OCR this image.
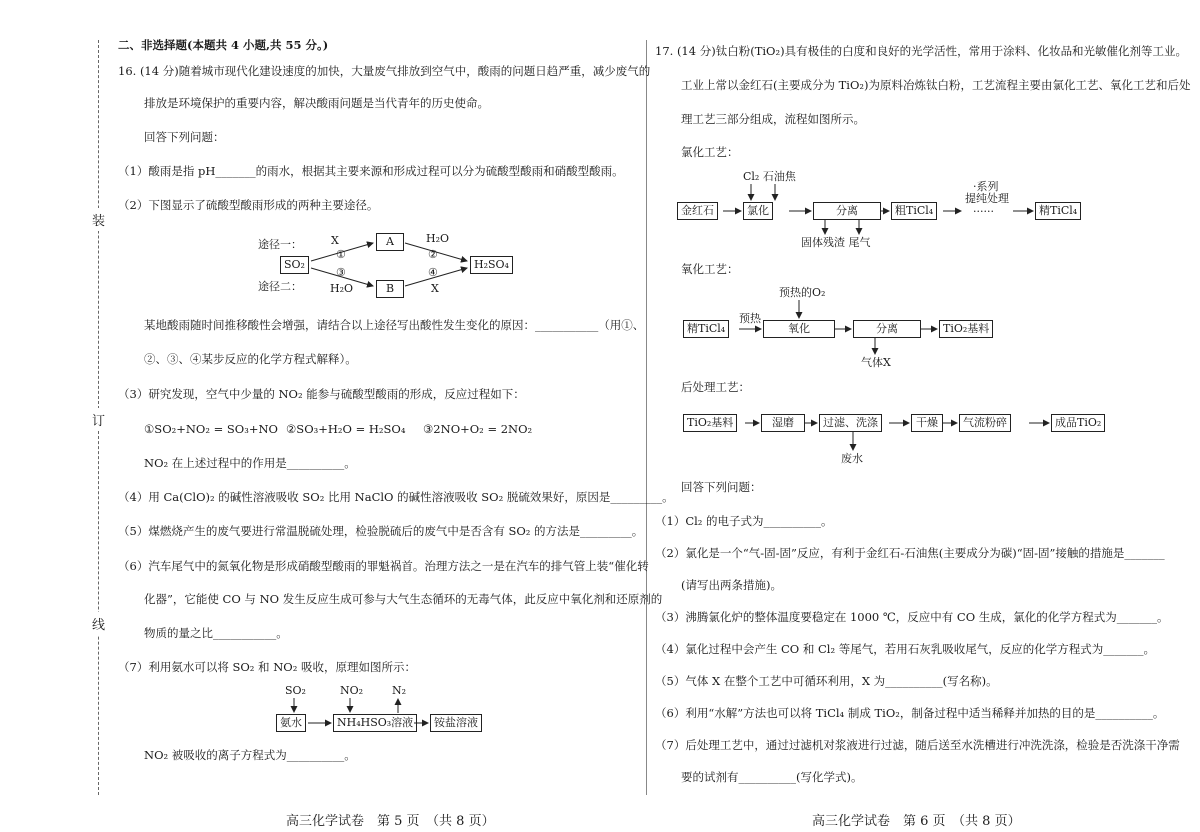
装
订
线
二、非选择题(本题共 4 小题,共 55 分。)
16. (14 分)随着城市现代化建设速度的加快，大量废气排放到空气中，酸雨的问题日趋严重，减少废气的
排放是环境保护的重要内容，解决酸雨问题是当代青年的历史使命。
回答下列问题：
（1）酸雨是指 pH_______的雨水，根据其主要来源和形成过程可以分为硫酸型酸雨和硝酸型酸雨。
（2）下图显示了硫酸型酸雨形成的两种主要途径。
途径一：
途径二：
SO₂
A
B
H₂SO₄
X
①
H₂O
③
H₂O
②
④
X
某地酸雨随时间推移酸性会增强，请结合以上途径写出酸性发生变化的原因：___________（用①、
②、③、④某步反应的化学方程式解释）。
（3）研究发现，空气中少量的 NO₂ 能参与硫酸型酸雨的形成，反应过程如下：
①SO₂+NO₂ = SO₃+NO ②SO₃+H₂O = H₂SO₄ ③2NO+O₂ = 2NO₂
NO₂ 在上述过程中的作用是__________。
（4）用 Ca(ClO)₂ 的碱性溶液吸收 SO₂ 比用 NaClO 的碱性溶液吸收 SO₂ 脱硫效果好，原因是_________。
（5）煤燃烧产生的废气要进行常温脱硫处理，检验脱硫后的废气中是否含有 SO₂ 的方法是_________。
（6）汽车尾气中的氮氧化物是形成硝酸型酸雨的罪魁祸首。治理方法之一是在汽车的排气管上装“催化转
化器”，它能使 CO 与 NO 发生反应生成可参与大气生态循环的无毒气体，此反应中氧化剂和还原剂的
物质的量之比___________。
（7）利用氨水可以将 SO₂ 和 NO₂ 吸收，原理如图所示：
SO₂	NO₂	N₂
氨水	NH₄HSO₃溶液	铵盐溶液
NO₂ 被吸收的离子方程式为__________。
高三化学试卷　第 5 页　（共 8 页）
17. (14 分)钛白粉(TiO₂)具有极佳的白度和良好的光学活性，常用于涂料、化妆品和光敏催化剂等工业。
工业上常以金红石(主要成分为 TiO₂)为原料冶炼钛白粉，工艺流程主要由氯化工艺、氧化工艺和后处
理工艺三部分组成，流程如图所示。
氯化工艺：
Cl₂ 石油焦
金红石	氯化	分离	粗TiCl₄
·系列
提纯处理
······	精TiCl₄
固体残渣 尾气
氧化工艺：
预热的O₂
精TiCl₄
预热
氧化	分离	TiO₂基料
气体X
后处理工艺：
TiO₂基料	湿磨	过滤、洗涤	干燥	气流粉碎	成品TiO₂
废水
回答下列问题：
（1）Cl₂ 的电子式为__________。
（2）氯化是一个“气-固-固”反应，有利于金红石-石油焦(主要成分为碳)“固-固”接触的措施是_______
(请写出两条措施)。
（3）沸腾氯化炉的整体温度要稳定在 1000 ℃，反应中有 CO 生成，氯化的化学方程式为_______。
（4）氯化过程中会产生 CO 和 Cl₂ 等尾气，若用石灰乳吸收尾气，反应的化学方程式为_______。
（5）气体 X 在整个工艺中可循环利用，X 为__________(写名称)。
（6）利用“水解”方法也可以将 TiCl₄ 制成 TiO₂，制备过程中适当稀释并加热的目的是__________。
（7）后处理工艺中，通过过滤机对浆液进行过滤，随后送至水洗槽进行冲洗洗涤，检验是否洗涤干净需
要的试剂有__________(写化学式)。
高三化学试卷　第 6 页　（共 8 页）
